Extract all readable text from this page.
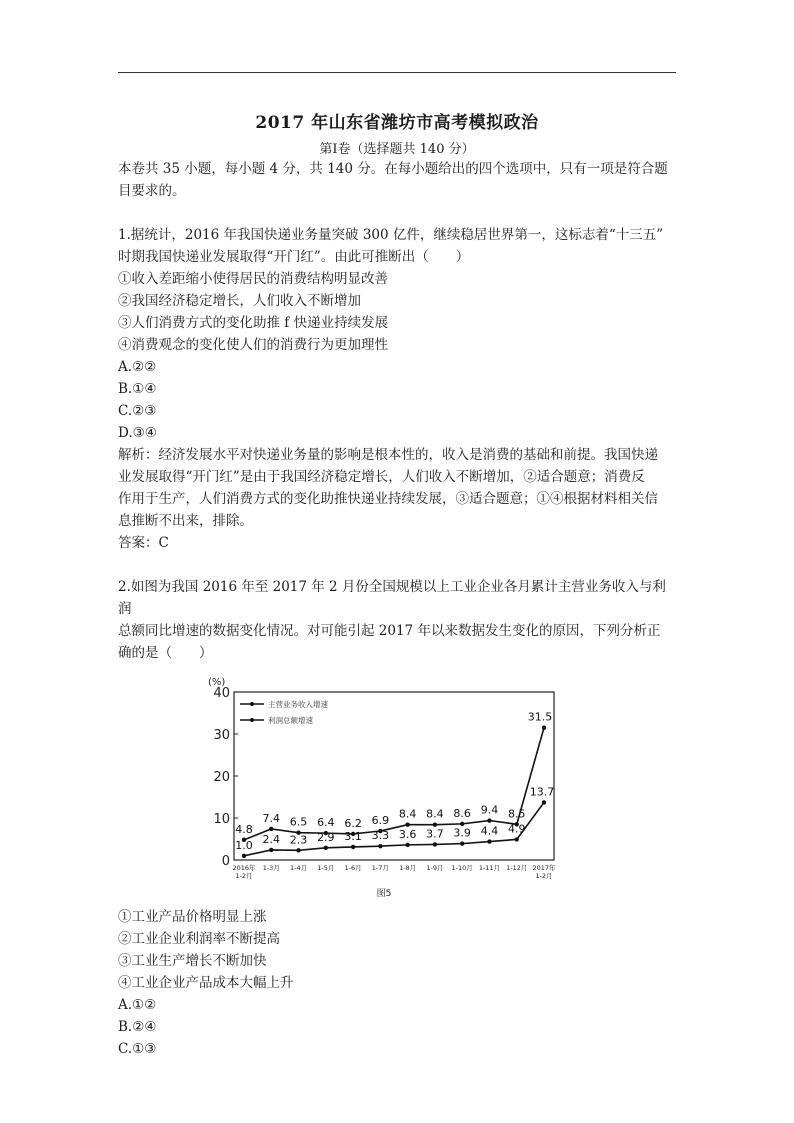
2017 年山东省潍坊市高考模拟政治
第Ⅰ卷（选择题共 140 分）

本卷共 35 小题，每小题 4 分，共 140 分。在每小题给出的四个选项中，只有一项是符合题

目要求的。

1.据统计，2016 年我国快递业务量突破 300 亿件，继续稳居世界第一，这标志着“十三五”

时期我国快递业发展取得“开门红”。由此可推断出（　　）

①收入差距缩小使得居民的消费结构明显改善

②我国经济稳定增长，人们收入不断增加

③人们消费方式的变化助推 f 快递业持续发展

④消费观念的变化使人们的消费行为更加理性

A.②②

B.①④

C.②③

D.③④

解析：经济发展水平对快递业务量的影响是根本性的，收入是消费的基础和前提。我国快递

业发展取得“开门红”是由于我国经济稳定增长，人们收入不断增加，②适合题意；消费反

作用于生产，人们消费方式的变化助推快递业持续发展，③适合题意；①④根据材料相关信

息推断不出来，排除。

答案：C

2.如图为我国 2016 年至 2017 年 2 月份全国规模以上工业企业各月累计主营业务收入与利润

总额同比增速的数据变化情况。对可能引起 2017 年以来数据发生变化的原因，下列分析正

确的是（　　）

0
10
20
30
40
(%)
2016年
1-2月
1-3月 1-4月 1-5月 1-6月 1-7月 1-8月 1-9月 1-10月 1-11月 1-12月 2017年
1-2月
4.8
7.4 6.5 6.4 6.2 6.9 8.4 8.4 8.6 9.4 8.5
31.5
1.0 2.4 2.3 2.9 3.1 3.3 3.6 3.7 3.9 4.4 4.9
13.7
主营业务收入增速
利润总额增速
图5

①工业产品价格明显上涨

②工业企业利润率不断提高

③工业生产增长不断加快

④工业企业产品成本大幅上升

A.①②

B.②④

C.①③
